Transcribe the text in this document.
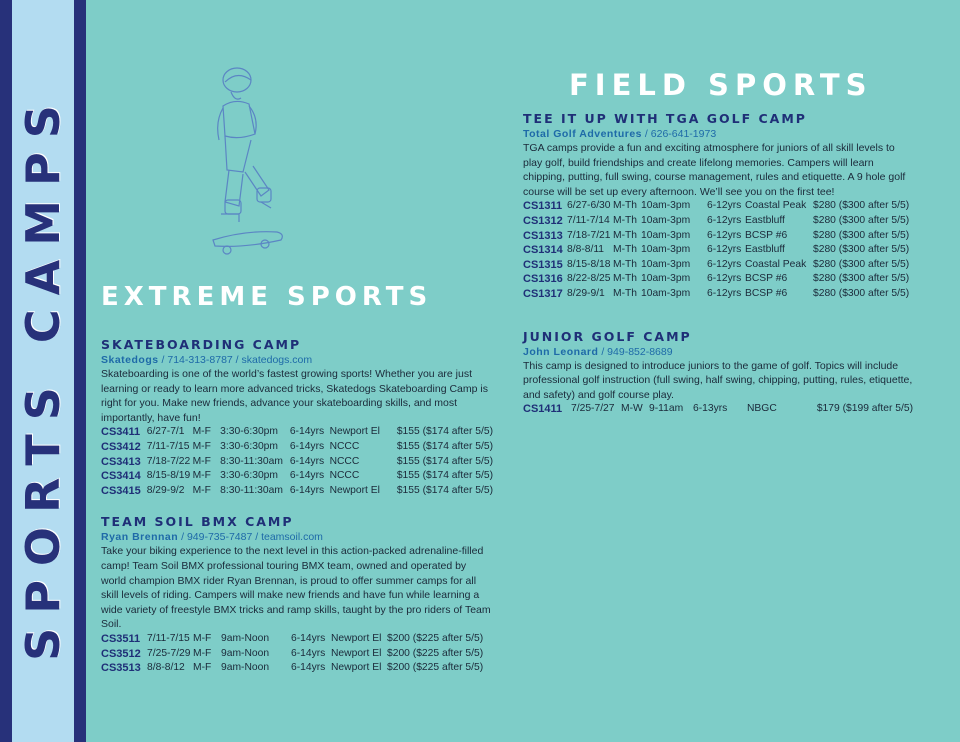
SPORTS CAMPS EXTREME SPORTS
FIELD SPORTS
SKATEBOARDING CAMP
Skatedogs / 714-313-8787 / skatedogs.com

Skateboarding is one of the world’s fastest growing sports! Whether you are just learning or ready to learn more advanced tricks, Skatedogs Skateboarding Camp is right for you. Make new friends, advance your skateboarding skills, and most importantly, have fun!

CS3411	6/27-7/1	M-F	3:30-6:30pm	6-14yrs	Newport El	$155 ($174 after 5/5)
CS3412	7/11-7/15	M-F	3:30-6:30pm	6-14yrs	NCCC	$155 ($174 after 5/5)
CS3413	7/18-7/22	M-F	8:30-11:30am	6-14yrs	NCCC	$155 ($174 after 5/5)
CS3414	8/15-8/19	M-F	3:30-6:30pm	6-14yrs	NCCC	$155 ($174 after 5/5)
CS3415	8/29-9/2	M-F	8:30-11:30am	6-14yrs	Newport El	$155 ($174 after 5/5)
TEAM SOIL BMX CAMP
Ryan Brennan / 949-735-7487 / teamsoil.com

Take your biking experience to the next level in this action-packed adrenaline-filled camp! Team Soil BMX professional touring BMX team, owned and operated by world champion BMX rider Ryan Brennan, is proud to offer summer camps for all skill levels of riding. Campers will make new friends and have fun while learning a wide variety of freestyle BMX tricks and ramp skills, taught by the pro riders of Team Soil.

CS3511	7/11-7/15	M-F	9am-Noon	6-14yrs	Newport El	$200 ($225 after 5/5)
CS3512	7/25-7/29	M-F	9am-Noon	6-14yrs	Newport El	$200 ($225 after 5/5)
CS3513	8/8-8/12	M-F	9am-Noon	6-14yrs	Newport El	$200 ($225 after 5/5)
TEE IT UP WITH TGA GOLF CAMP
Total Golf Adventures / 626-641-1973

TGA camps provide a fun and exciting atmosphere for juniors of all skill levels to play golf, build friendships and create lifelong memories. Campers will learn chipping, putting, full swing, course management, rules and etiquette. A 9 hole golf course will be set up every afternoon. We’ll see you on the first tee!

CS1311	6/27-6/30	M-Th	10am-3pm	6-12yrs	Coastal Peak	$280 ($300 after 5/5)
CS1312	7/11-7/14	M-Th	10am-3pm	6-12yrs	Eastbluff	$280 ($300 after 5/5)
CS1313	7/18-7/21	M-Th	10am-3pm	6-12yrs	BCSP #6	$280 ($300 after 5/5)
CS1314	8/8-8/11	M-Th	10am-3pm	6-12yrs	Eastbluff	$280 ($300 after 5/5)
CS1315	8/15-8/18	M-Th	10am-3pm	6-12yrs	Coastal Peak	$280 ($300 after 5/5)
CS1316	8/22-8/25	M-Th	10am-3pm	6-12yrs	BCSP #6	$280 ($300 after 5/5)
CS1317	8/29-9/1	M-Th	10am-3pm	6-12yrs	BCSP #6	$280 ($300 after 5/5)
JUNIOR GOLF CAMP
John Leonard / 949-852-8689

This camp is designed to introduce juniors to the game of golf. Topics will include professional golf instruction (full swing, half swing, chipping, putting, rules, etiquette, and safety) and golf course play.

CS1411	7/25-7/27	M-W	9-11am	6-13yrs	NBGC	$179 ($199 after 5/5)
